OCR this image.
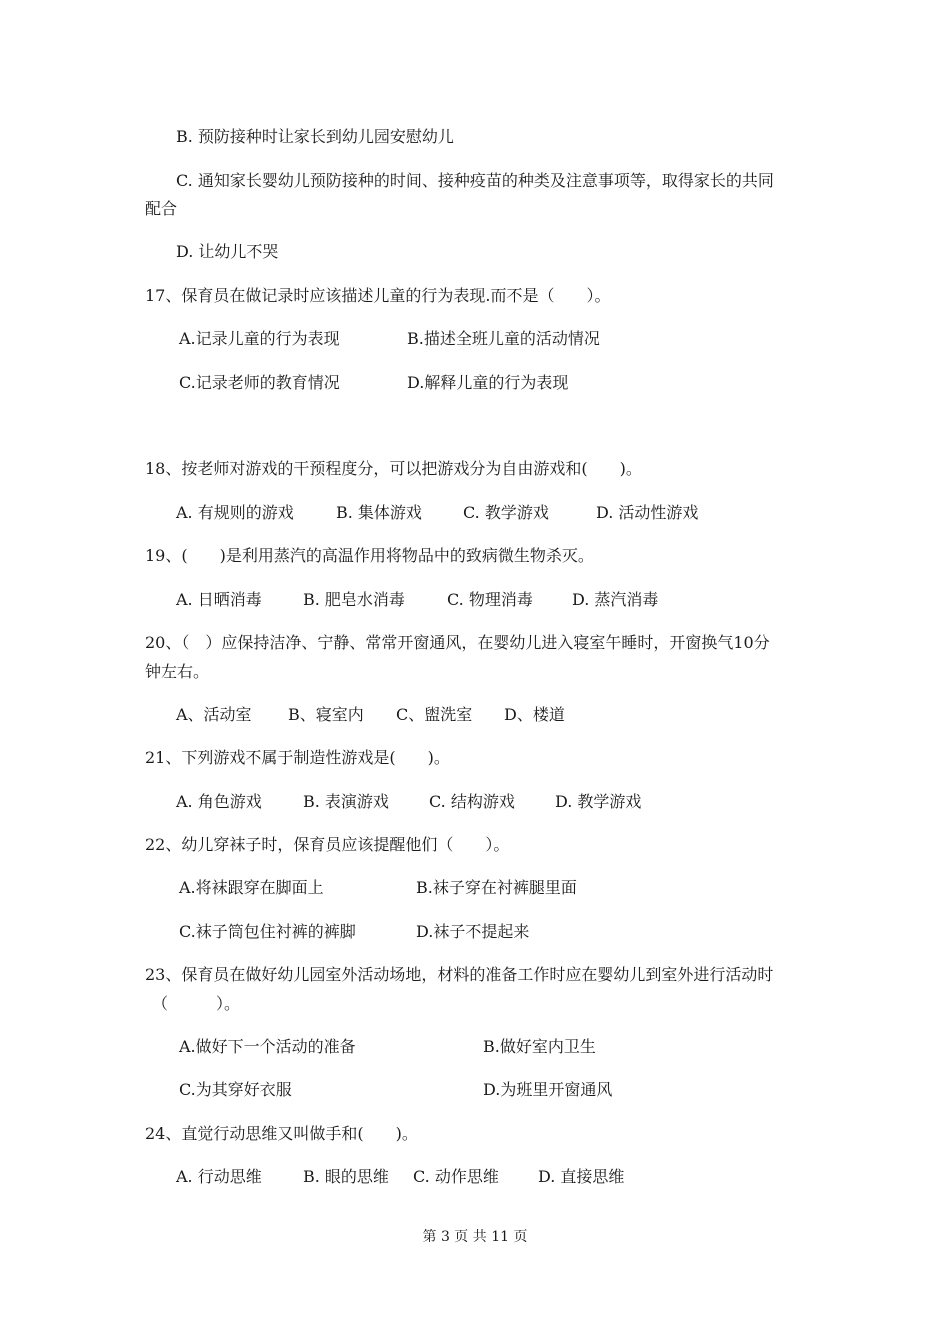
B. 预防接种时让家长到幼儿园安慰幼儿
C. 通知家长婴幼儿预防接种的时间、接种疫苗的种类及注意事项等，取得家长的共同
配合
D. 让幼儿不哭
17、保育员在做记录时应该描述儿童的行为表现.而不是（　　）。
A.记录儿童的行为表现	B.描述全班儿童的活动情况
C.记录老师的教育情况	D.解释儿童的行为表现
18、按老师对游戏的干预程度分，可以把游戏分为自由游戏和(　　)。
A. 有规则的游戏	B. 集体游戏	C. 教学游戏	D. 活动性游戏
19、(　　)是利用蒸汽的高温作用将物品中的致病微生物杀灭。
A. 日晒消毒	B. 肥皂水消毒	C. 物理消毒 D. 蒸汽消毒
20、（　）应保持洁净、宁静、常常开窗通风，在婴幼儿进入寝室午睡时，开窗换气10分
钟左右。
A、活动室 B、寝室内 C、盥洗室 D、楼道
21、下列游戏不属于制造性游戏是(　　)。
A. 角色游戏	B. 表演游戏	C. 结构游戏	D. 教学游戏
22、幼儿穿袜子时，保育员应该提醒他们（　　）。
A.将袜跟穿在脚面上	B.袜子穿在衬裤腿里面
C.袜子筒包住衬裤的裤脚	D.袜子不提起来
23、保育员在做好幼儿园室外活动场地，材料的准备工作时应在婴幼儿到室外进行活动时
（　　　）。
A.做好下一个活动的准备	B.做好室内卫生
C.为其穿好衣服	D.为班里开窗通风
24、直觉行动思维又叫做手和(　　)。
A. 行动思维	B. 眼的思维 C. 动作思维 D. 直接思维
第 3 页 共 11 页
